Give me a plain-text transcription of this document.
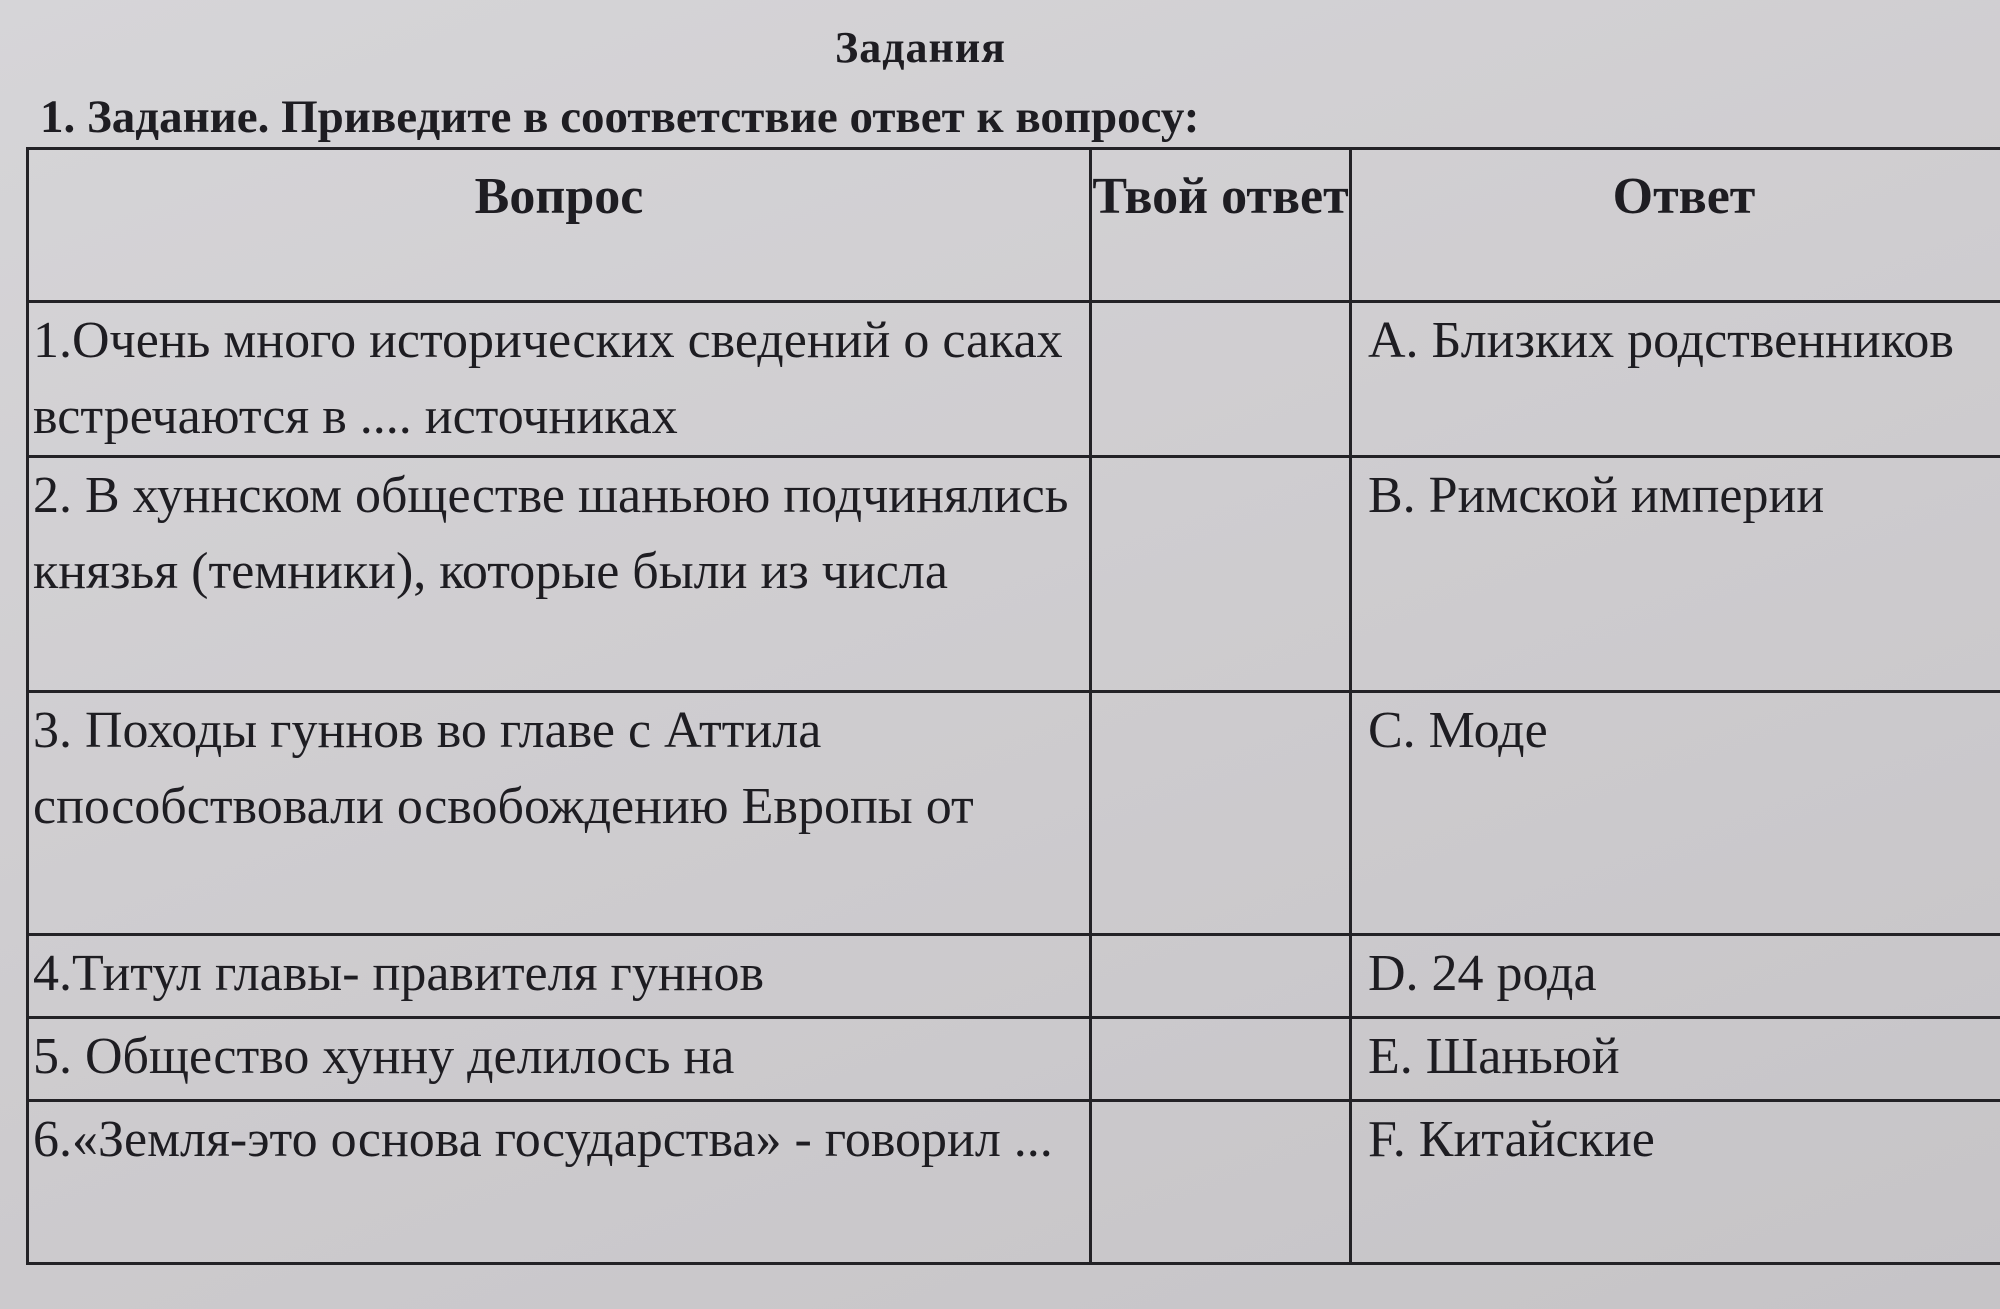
Задания
1. Задание. Приведите в соответствие ответ к вопросу:
Вопрос	Твой ответ	Ответ

1.Очень много исторических сведений о саках встречаются в .... источниках		A. Близких родственников

2. В хуннском обществе шаньюю подчинялись князья (темники), которые были из числа		B. Римской империи

3. Походы гуннов во главе с Аттила способствовали освобождению Европы от		C. Моде

4.Титул главы- правителя гуннов		D. 24 рода

5. Общество хунну делилось на		E. Шаньюй

6.«Земля-это основа государства» - говорил ...		F. Китайские
